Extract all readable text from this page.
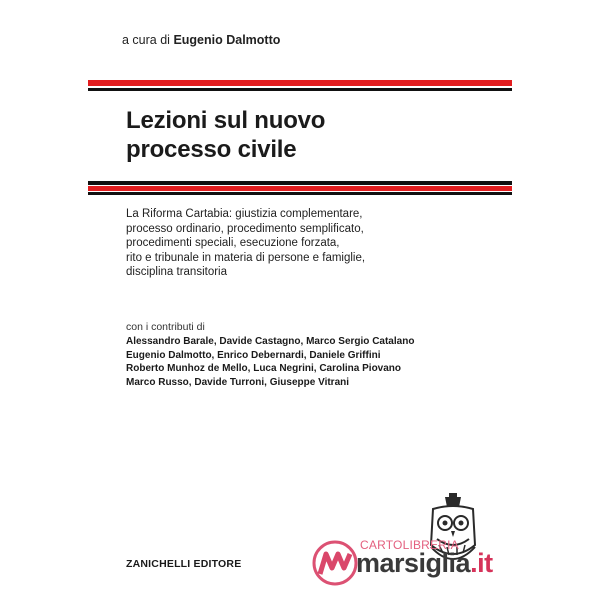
a cura di Eugenio Dalmotto
Lezioni sul nuovo
processo civile
La Riforma Cartabia: giustizia complementare,
processo ordinario, procedimento semplificato,
procedimenti speciali, esecuzione forzata,
rito e tribunale in materia di persone e famiglie,
disciplina transitoria
con i contributi di
Alessandro Barale, Davide Castagno, Marco Sergio Catalano
Eugenio Dalmotto, Enrico Debernardi, Daniele Griffini
Roberto Munhoz de Mello, Luca Negrini, Carolina Piovano
Marco Russo, Davide Turroni, Giuseppe Vitrani
ZANICHELLI EDITORE
CARTOLIBRERIA
marsiglia.it
